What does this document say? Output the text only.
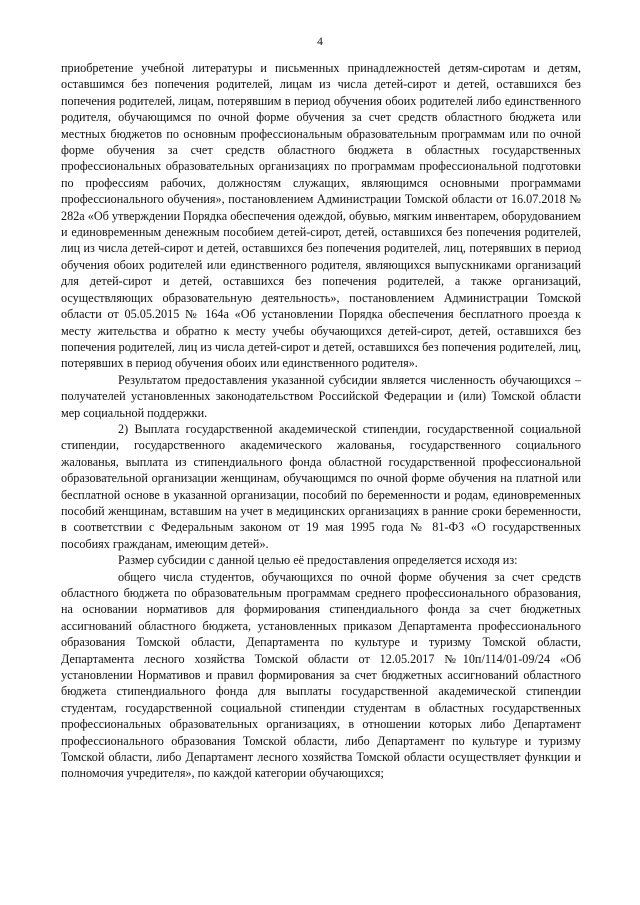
4

приобретение учебной литературы и письменных принадлежностей детям-сиротам и детям, оставшимся без попечения родителей, лицам из числа детей-сирот и детей, оставшихся без попечения родителей, лицам, потерявшим в период обучения обоих родителей либо единственного родителя, обучающимся по очной форме обучения за счет средств областного бюджета или местных бюджетов по основным профессиональным образовательным программам или по очной форме обучения за счет средств областного бюджета в областных государственных профессиональных образовательных организациях по программам профессиональной подготовки по профессиям рабочих, должностям служащих, являющимся основными программами профессионального обучения», постановлением Администрации Томской области от 16.07.2018 № 282а «Об утверждении Порядка обеспечения одеждой, обувью, мягким инвентарем, оборудованием и единовременным денежным пособием детей-сирот, детей, оставшихся без попечения родителей, лиц из числа детей-сирот и детей, оставшихся без попечения родителей, лиц, потерявших в период обучения обоих родителей или единственного родителя, являющихся выпускниками организаций для детей-сирот и детей, оставшихся без попечения родителей, а также организаций, осуществляющих образовательную деятельность», постановлением Администрации Томской области от 05.05.2015 № 164а «Об установлении Порядка обеспечения бесплатного проезда к месту жительства и обратно к месту учебы обучающихся детей-сирот, детей, оставшихся без попечения родителей, лиц из числа детей-сирот и детей, оставшихся без попечения родителей, лиц, потерявших в период обучения обоих или единственного родителя».

Результатом предоставления указанной субсидии является численность обучающихся – получателей установленных законодательством Российской Федерации и (или) Томской области мер социальной поддержки.

2) Выплата государственной академической стипендии, государственной социальной стипендии, государственного академического жалованья, государственного социального жалованья, выплата из стипендиального фонда областной государственной профессиональной образовательной организации женщинам, обучающимся по очной форме обучения на платной или бесплатной основе в указанной организации, пособий по беременности и родам, единовременных пособий женщинам, вставшим на учет в медицинских организациях в ранние сроки беременности, в соответствии с Федеральным законом от 19 мая 1995 года № 81-ФЗ «О государственных пособиях гражданам, имеющим детей».

Размер субсидии с данной целью её предоставления определяется исходя из:

общего числа студентов, обучающихся по очной форме обучения за счет средств областного бюджета по образовательным программам среднего профессионального образования, на основании нормативов для формирования стипендиального фонда за счет бюджетных ассигнований областного бюджета, установленных приказом Департамента профессионального образования Томской области, Департамента по культуре и туризму Томской области, Департамента лесного хозяйства Томской области от 12.05.2017 №10п/114/01-09/24 «Об установлении Нормативов и правил формирования за счет бюджетных ассигнований областного бюджета стипендиального фонда для выплаты государственной академической стипендии студентам, государственной социальной стипендии студентам в областных государственных профессиональных образовательных организациях, в отношении которых либо Департамент профессионального образования Томской области, либо Департамент по культуре и туризму Томской области, либо Департамент лесного хозяйства Томской области осуществляет функции и полномочия учредителя», по каждой категории обучающихся;
